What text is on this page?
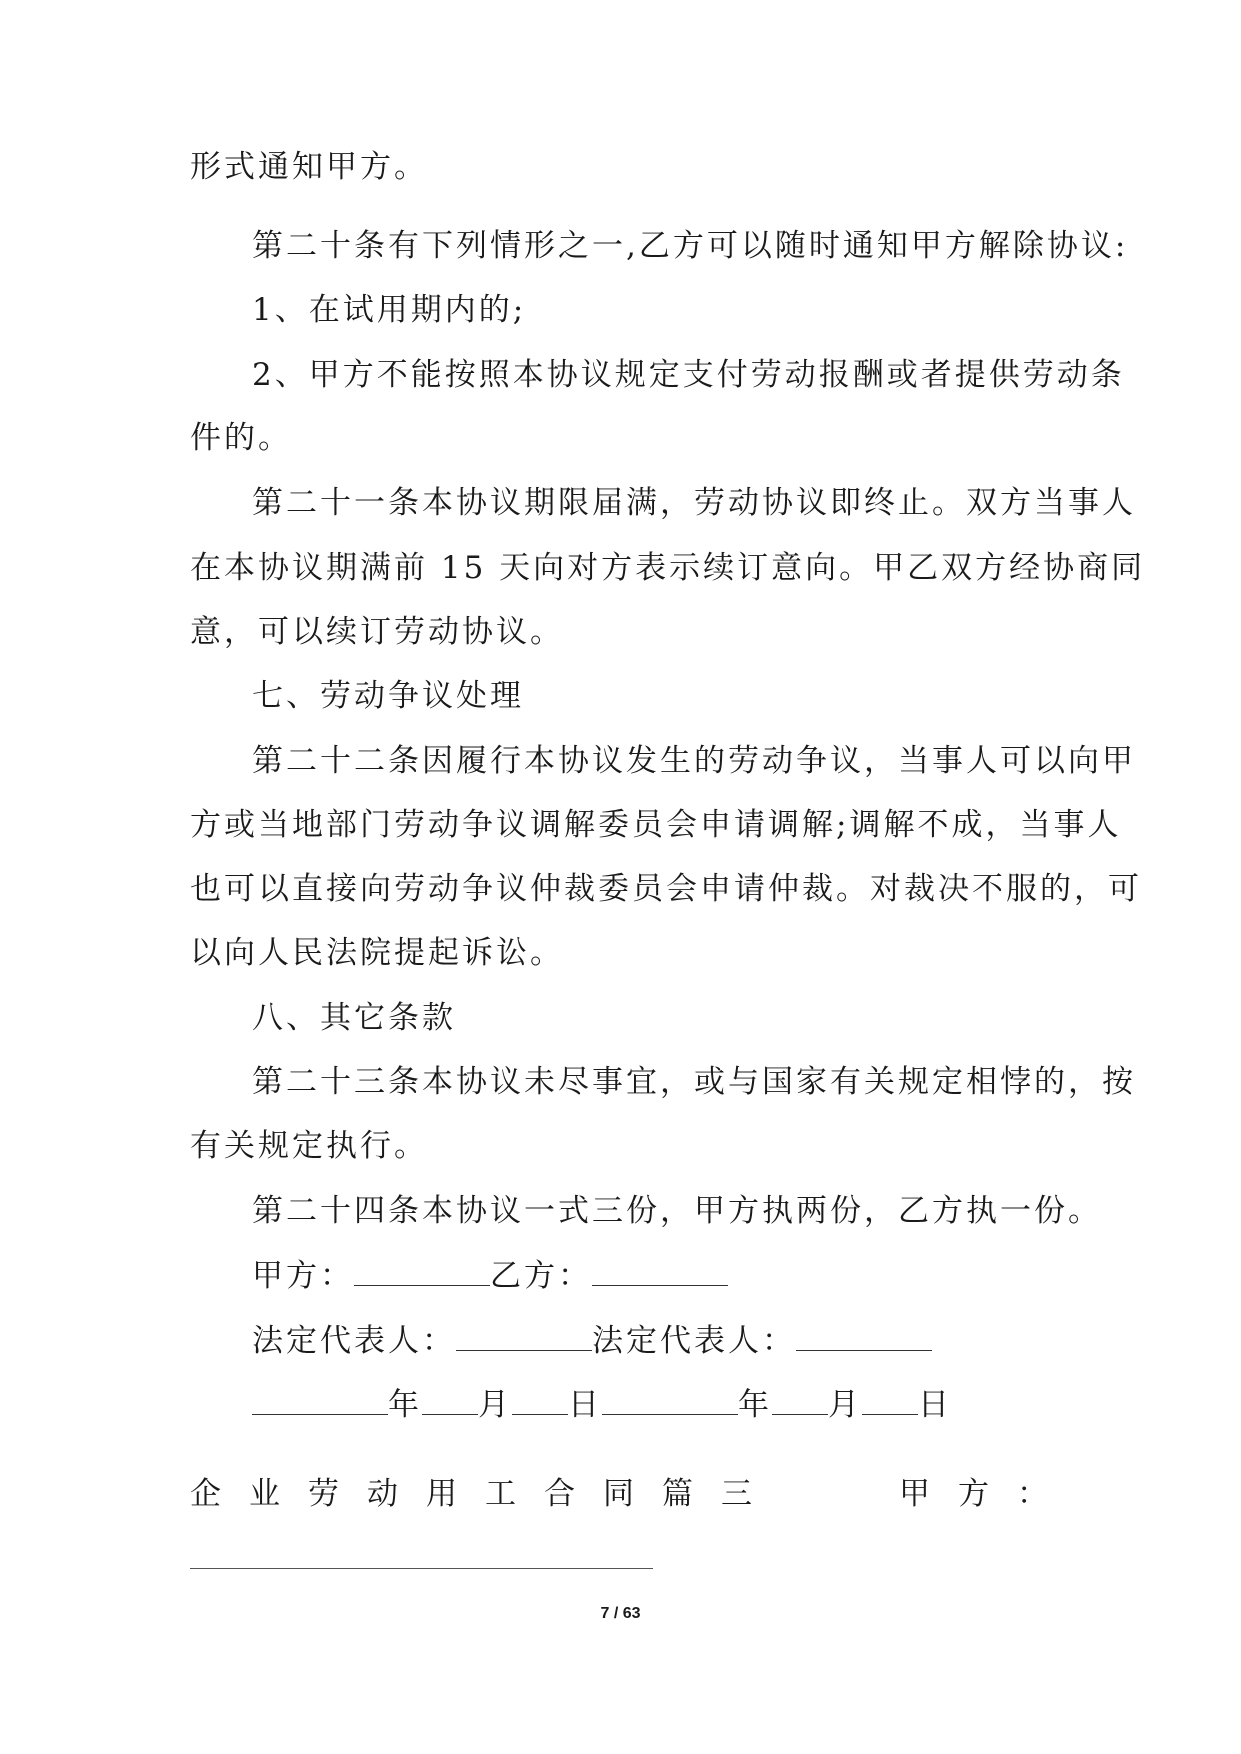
形式通知甲方。
第二十条有下列情形之一,乙方可以随时通知甲方解除协议:
1、在试用期内的;
2、甲方不能按照本协议规定支付劳动报酬或者提供劳动条
件的。
第二十一条本协议期限届满，劳动协议即终止。双方当事人
在本协议期满前 15 天向对方表示续订意向。甲乙双方经协商同
意，可以续订劳动协议。
七、劳动争议处理
第二十二条因履行本协议发生的劳动争议，当事人可以向甲
方或当地部门劳动争议调解委员会申请调解;调解不成，当事人
也可以直接向劳动争议仲裁委员会申请仲裁。对裁决不服的，可
以向人民法院提起诉讼。
八、其它条款
第二十三条本协议未尽事宜，或与国家有关规定相悖的，按
有关规定执行。
第二十四条本协议一式三份，甲方执两份，乙方执一份。
甲方：	乙方：
法定代表人：	法定代表人：
年 月 日	年 月 日
企业劳动用工合同篇三	甲方：
7 / 63
